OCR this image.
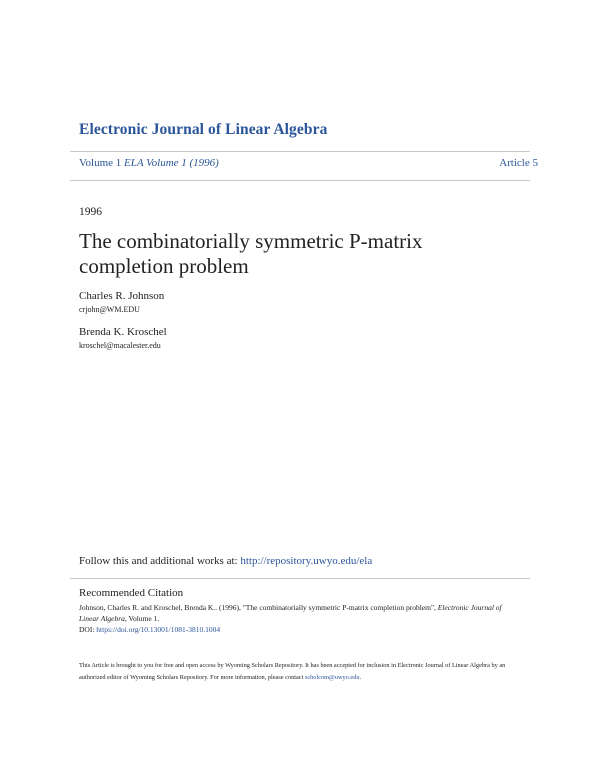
Electronic Journal of Linear Algebra
Volume 1 ELA Volume 1 (1996)	Article 5
1996
The combinatorially symmetric P-matrix completion problem
Charles R. Johnson
crjohn@WM.EDU
Brenda K. Kroschel
kroschel@macalester.edu
Follow this and additional works at: http://repository.uwyo.edu/ela
Recommended Citation
Johnson, Charles R. and Kroschel, Brenda K.. (1996), "The combinatorially symmetric P-matrix completion problem", Electronic Journal of Linear Algebra, Volume 1.
DOI: https://doi.org/10.13001/1081-3810.1004
This Article is brought to you for free and open access by Wyoming Scholars Repository. It has been accepted for inclusion in Electronic Journal of Linear Algebra by an authorized editor of Wyoming Scholars Repository. For more information, please contact scholcom@uwyo.edu.
